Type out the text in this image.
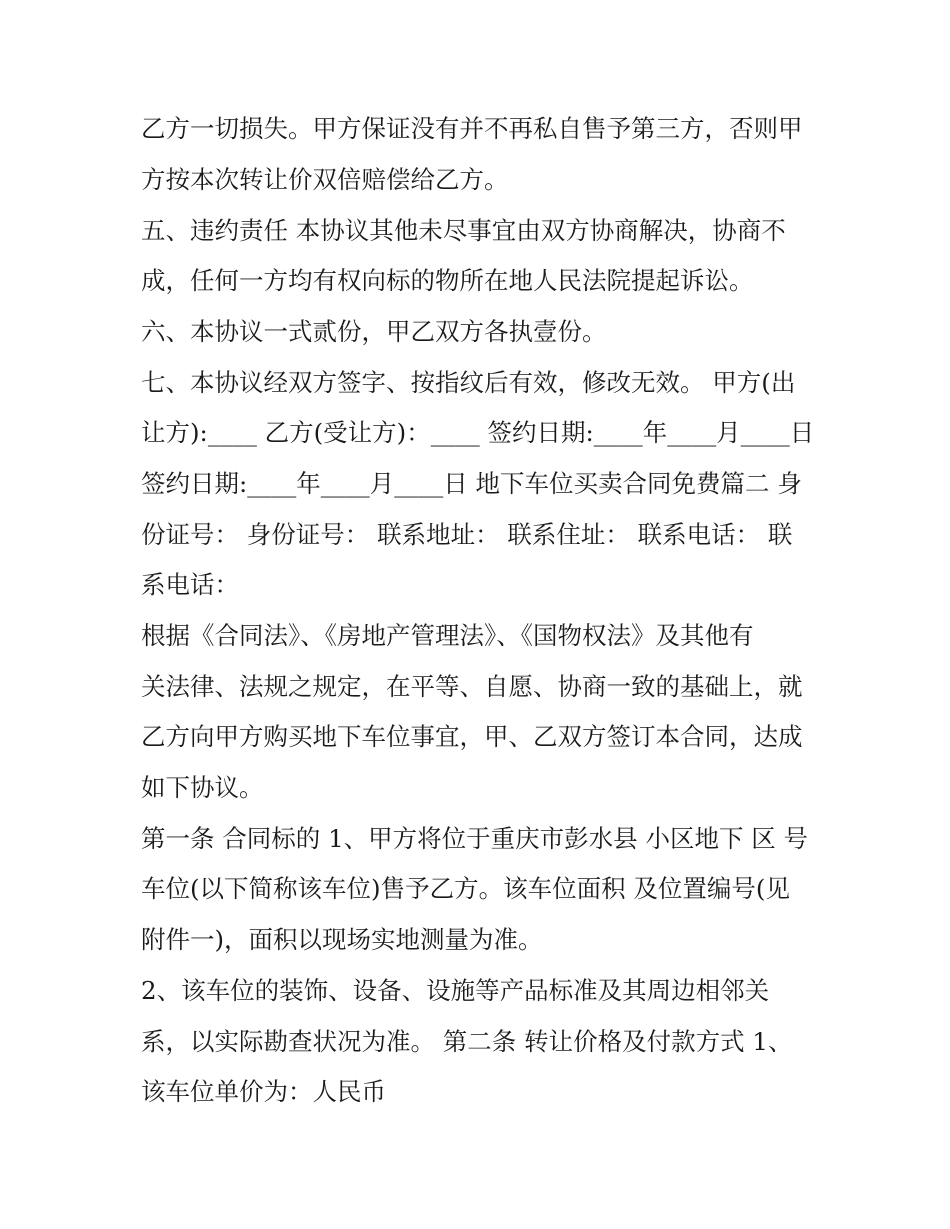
乙方一切损失。甲方保证没有并不再私自售予第三方，否则甲
方按本次转让价双倍赔偿给乙方。
五、违约责任 本协议其他未尽事宜由双方协商解决，协商不
成，任何一方均有权向标的物所在地人民法院提起诉讼。
六、本协议一式贰份，甲乙双方各执壹份。
七、本协议经双方签字、按指纹后有效，修改无效。 甲方(出
让方):____ 乙方(受让方)：____ 签约日期:____年____月____日
签约日期:____年____月____日 地下车位买卖合同免费篇二 身
份证号： 身份证号： 联系地址： 联系住址： 联系电话： 联
系电话：
根据《合同法》、《房地产管理法》、《国物权法》及其他有
关法律、法规之规定，在平等、自愿、协商一致的基础上，就
乙方向甲方购买地下车位事宜，甲、乙双方签订本合同，达成
如下协议。
第一条 合同标的 1、甲方将位于重庆市彭水县 小区地下 区 号
车位(以下简称该车位)售予乙方。该车位面积 及位置编号(见
附件一)，面积以现场实地测量为准。
2、该车位的装饰、设备、设施等产品标准及其周边相邻关
系，以实际勘查状况为准。 第二条 转让价格及付款方式 1、
该车位单价为：人民币
